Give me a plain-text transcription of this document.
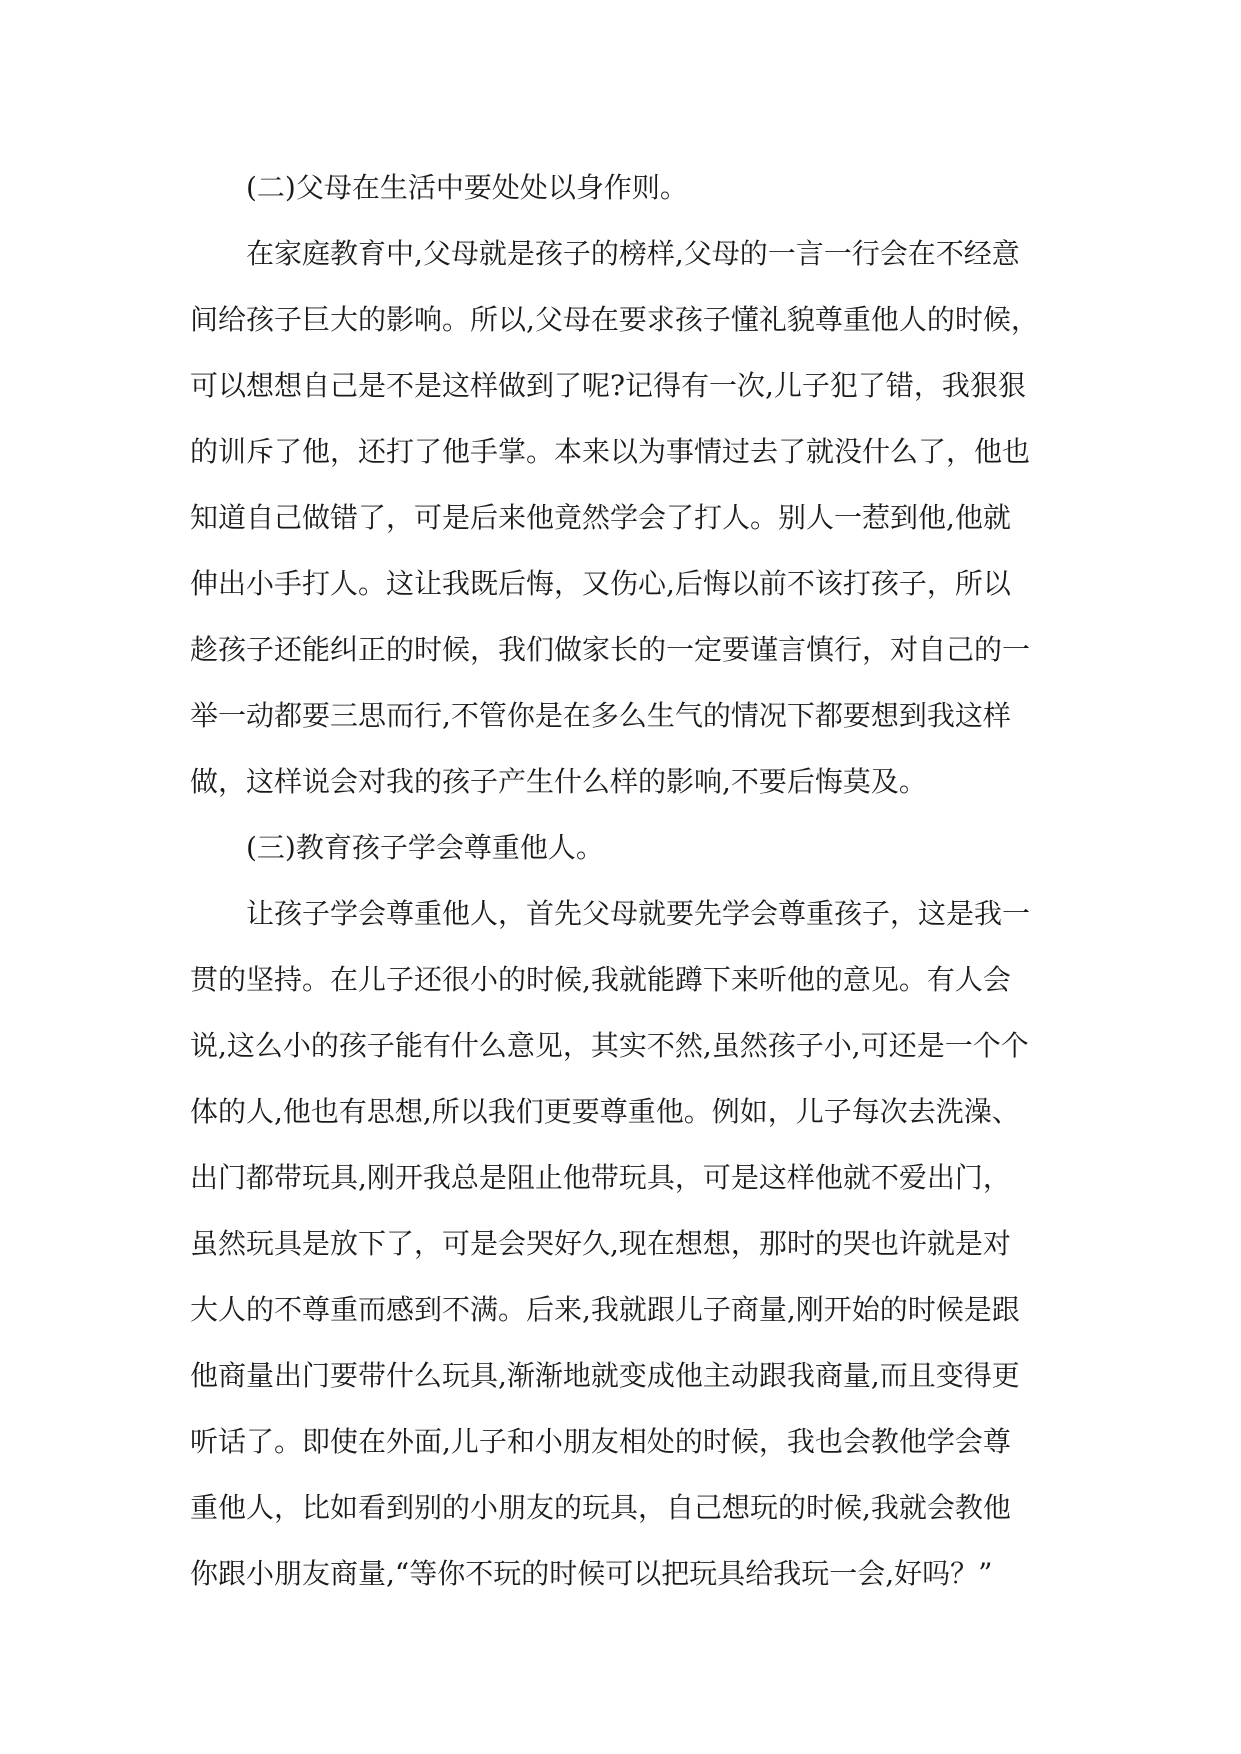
(二)父母在生活中要处处以身作则。
在家庭教育中,父母就是孩子的榜样,父母的一言一行会在不经意
间给孩子巨大的影响。所以,父母在要求孩子懂礼貌尊重他人的时候，
可以想想自己是不是这样做到了呢?记得有一次,儿子犯了错，我狠狠
的训斥了他，还打了他手掌。本来以为事情过去了就没什么了，他也
知道自己做错了，可是后来他竟然学会了打人。别人一惹到他,他就
伸出小手打人。这让我既后悔，又伤心,后悔以前不该打孩子，所以
趁孩子还能纠正的时候，我们做家长的一定要谨言慎行，对自己的一
举一动都要三思而行,不管你是在多么生气的情况下都要想到我这样
做，这样说会对我的孩子产生什么样的影响,不要后悔莫及。
(三)教育孩子学会尊重他人。
让孩子学会尊重他人，首先父母就要先学会尊重孩子，这是我一
贯的坚持。在儿子还很小的时候,我就能蹲下来听他的意见。有人会
说,这么小的孩子能有什么意见，其实不然,虽然孩子小,可还是一个个
体的人,他也有思想,所以我们更要尊重他。例如，儿子每次去洗澡、
出门都带玩具,刚开我总是阻止他带玩具，可是这样他就不爱出门，
虽然玩具是放下了，可是会哭好久,现在想想，那时的哭也许就是对
大人的不尊重而感到不满。后来,我就跟儿子商量,刚开始的时候是跟
他商量出门要带什么玩具,渐渐地就变成他主动跟我商量,而且变得更
听话了。即使在外面,儿子和小朋友相处的时候，我也会教他学会尊
重他人，比如看到别的小朋友的玩具，自己想玩的时候,我就会教他
你跟小朋友商量,“等你不玩的时候可以把玩具给我玩一会,好吗？”
